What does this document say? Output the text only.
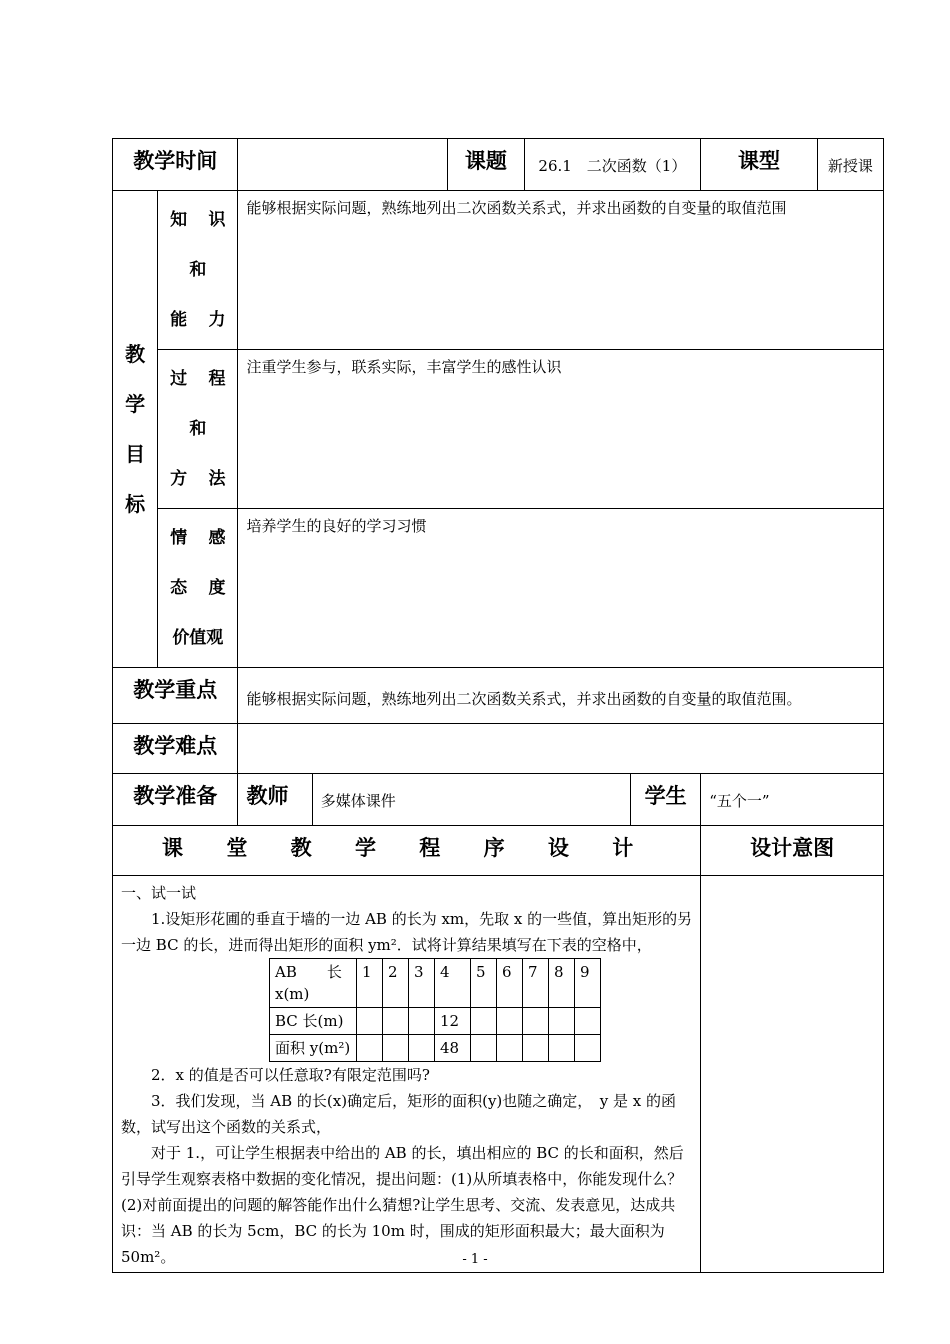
教学时间		课题	26.1　二次函数（1）	课型	新授课

教
学
目
标

知 识
和
能 力
	能够根据实际问题，熟练地列出二次函数关系式，并求出函数的自变量的取值范围

过 程
和
方 法
	注重学生参与，联系实际，丰富学生的感性认识

情 感
态 度
价值观
	培养学生的良好的学习习惯
教学重点	能够根据实际问题，熟练地列出二次函数关系式，并求出函数的自变量的取值范围。
教学难点	
教学准备	教师	多媒体课件	学生	“五个一”
课 堂 教 学 程 序 设 计	设计意图

一、试一试

1.设矩形花圃的垂直于墙的一边 AB 的长为 xm，先取 x 的一些值，算出矩形的另一边 BC 的长，进而得出矩形的面积 ym²．试将计算结果填写在下表的空格中，

AB　　长 x(m)	1	2	3	4	5	6	7	8	9
BC 长(m)				12					
面积 y(m²)				48					

2．x 的值是否可以任意取?有限定范围吗?

3．我们发现，当 AB 的长(x)确定后，矩形的面积(y)也随之确定，　y 是 x 的函数，试写出这个函数的关系式，

对于 1.，可让学生根据表中给出的 AB 的长，填出相应的 BC 的长和面积，然后引导学生观察表格中数据的变化情况，提出问题：(1)从所填表格中，你能发现什么？(2)对前面提出的问题的解答能作出什么猜想?让学生思考、交流、发表意见，达成共识：当 AB 的长为 5cm，BC 的长为 10m 时，围成的矩形面积最大；最大面积为 50m²。

		- 1 -
